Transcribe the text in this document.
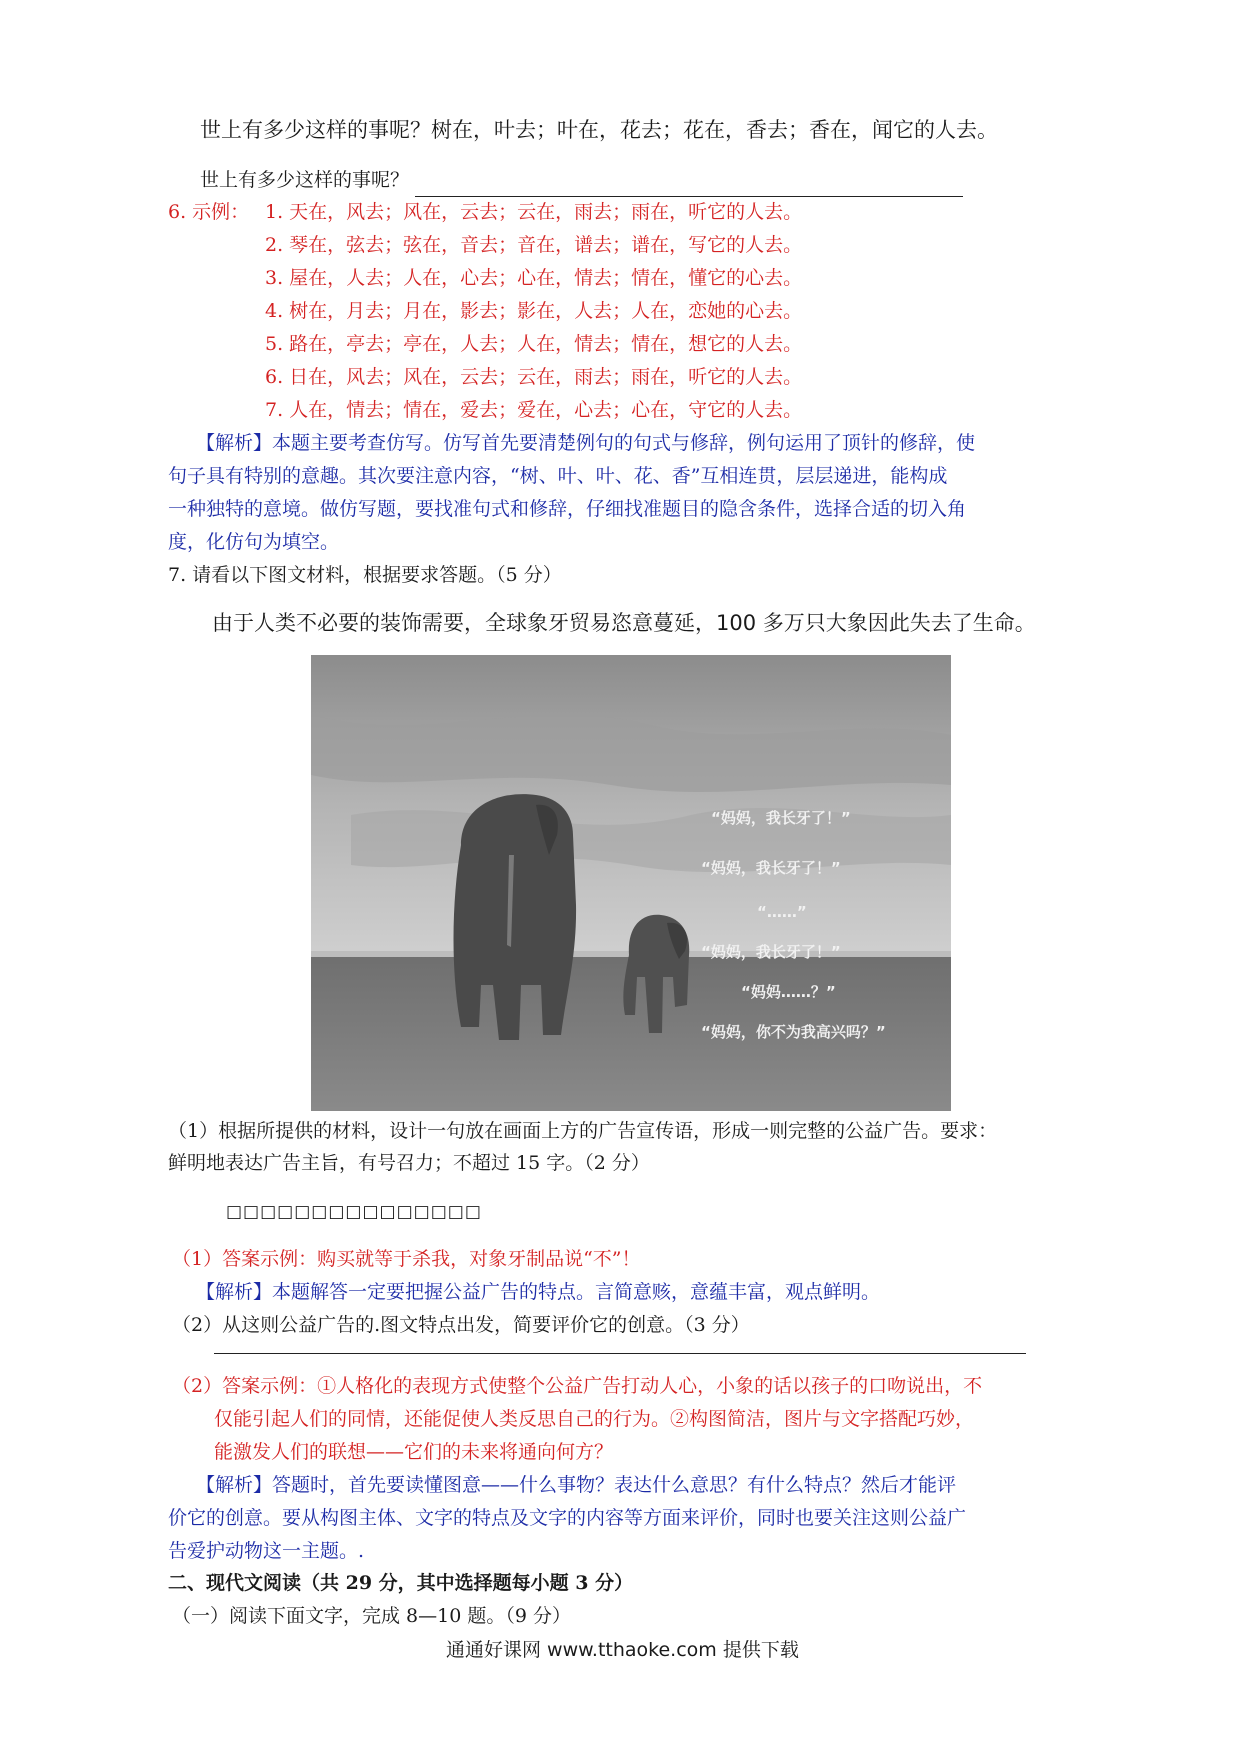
世上有多少这样的事呢？树在，叶去；叶在，花去；花在，香去；香在，闻它的人去。
世上有多少这样的事呢？
6. 示例： 1. 天在，风去；风在，云去；云在，雨去；雨在，听它的人去。
2. 琴在，弦去；弦在，音去；音在，谱去；谱在，写它的人去。
3. 屋在，人去；人在，心去；心在，情去；情在，懂它的心去。
4. 树在，月去；月在，影去；影在，人去；人在，恋她的心去。
5. 路在，亭去；亭在，人去；人在，情去；情在，想它的人去。
6. 日在，风去；风在，云去；云在，雨去；雨在，听它的人去。
7. 人在，情去；情在，爱去；爱在，心去；心在，守它的人去。
【解析】本题主要考查仿写。仿写首先要清楚例句的句式与修辞，例句运用了顶针的修辞，使
句子具有特别的意趣。其次要注意内容，“树、叶、叶、花、香”互相连贯，层层递进，能构成
一种独特的意境。做仿写题，要找准句式和修辞，仔细找准题目的隐含条件，选择合适的切入角
度，化仿句为填空。
7. 请看以下图文材料，根据要求答题。（5 分）
由于人类不必要的装饰需要，全球象牙贸易恣意蔓延，100 多万只大象因此失去了生命。
“妈妈，我长牙了！”
“妈妈，我长牙了！”
“……”
“妈妈，我长牙了！”
“妈妈……？”
“妈妈，你不为我高兴吗？”
（1）根据所提供的材料，设计一句放在画面上方的广告宣传语，形成一则完整的公益广告。要求：
鲜明地表达广告主旨，有号召力；不超过 15 字。（2 分）
□□□□□□□□□□□□□□□
（1）答案示例：购买就等于杀我，对象牙制品说“不”！
【解析】本题解答一定要把握公益广告的特点。言简意赅，意蕴丰富，观点鲜明。
（2）从这则公益广告的.图文特点出发，简要评价它的创意。（3 分）
（2）答案示例：①人格化的表现方式使整个公益广告打动人心，小象的话以孩子的口吻说出，不
仅能引起人们的同情，还能促使人类反思自己的行为。②构图简洁，图片与文字搭配巧妙，
能激发人们的联想——它们的未来将通向何方？
【解析】答题时，首先要读懂图意——什么事物？表达什么意思？有什么特点？然后才能评
价它的创意。要从构图主体、文字的特点及文字的内容等方面来评价，同时也要关注这则公益广
告爱护动物这一主题。.
二、现代文阅读（共 29 分，其中选择题每小题 3 分）
（一）阅读下面文字，完成 8—10 题。（9 分）
通通好课网 www.tthaoke.com 提供下载
